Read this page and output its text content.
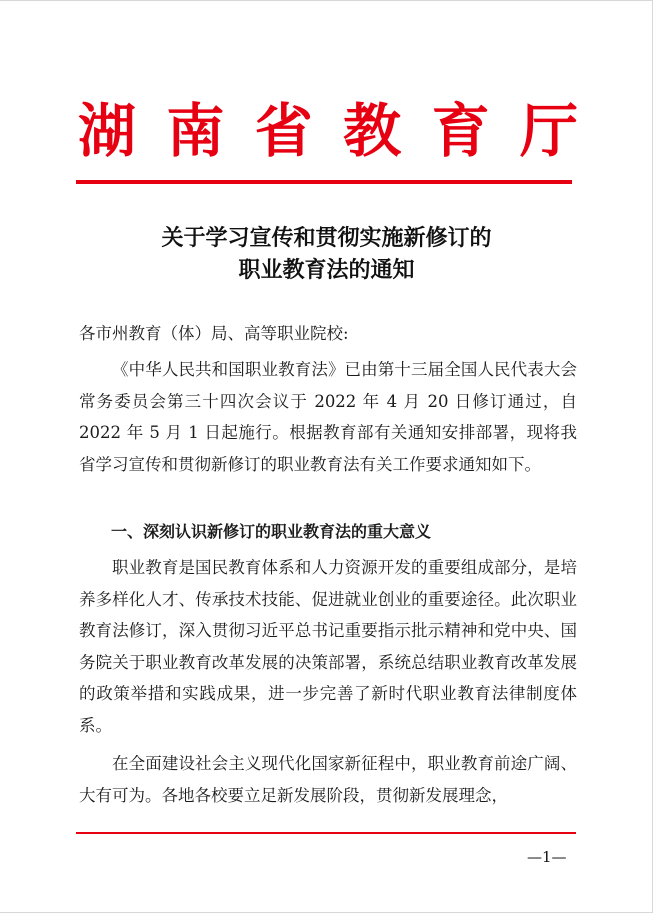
湖 南 省 教 育 厅
关于学习宣传和贯彻实施新修订的
职业教育法的通知

各市州教育（体）局、高等职业院校:

《中华人民共和国职业教育法》已由第十三届全国人民代表大会常务委员会第三十四次会议于 2022 年 4 月 20 日修订通过，自 2022 年 5 月 1 日起施行。根据教育部有关通知安排部署，现将我省学习宣传和贯彻新修订的职业教育法有关工作要求通知如下。

一、深刻认识新修订的职业教育法的重大意义

职业教育是国民教育体系和人力资源开发的重要组成部分，是培养多样化人才、传承技术技能、促进就业创业的重要途径。此次职业教育法修订，深入贯彻习近平总书记重要指示批示精神和党中央、国务院关于职业教育改革发展的决策部署，系统总结职业教育改革发展的政策举措和实践成果，进一步完善了新时代职业教育法律制度体系。

在全面建设社会主义现代化国家新征程中，职业教育前途广阔、大有可为。各地各校要立足新发展阶段，贯彻新发展理念，

—1—
